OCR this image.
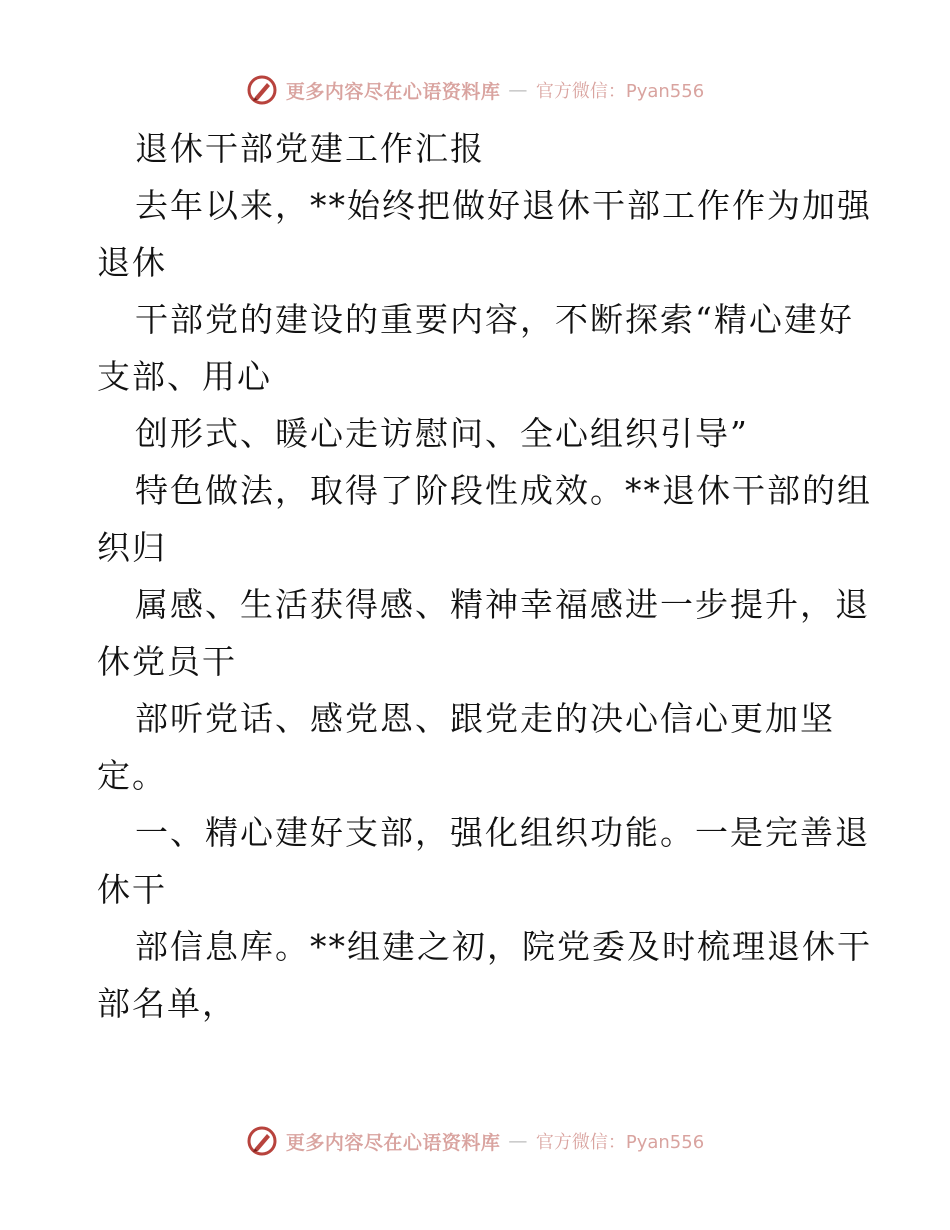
更多内容尽在心语资料库 — 官方微信：Pyan556
退休干部党建工作汇报
去年以来，**始终把做好退休干部工作作为加强
退休
干部党的建设的重要内容，不断探索“精心建好
支部、用心
创形式、暖心走访慰问、全心组织引导”
特色做法，取得了阶段性成效。**退休干部的组
织归
属感、生活获得感、精神幸福感进一步提升，退
休党员干
部听党话、感党恩、跟党走的决心信心更加坚
定。
一、精心建好支部，强化组织功能。一是完善退
休干
部信息库。**组建之初，院党委及时梳理退休干
部名单，
更多内容尽在心语资料库 — 官方微信：Pyan556
